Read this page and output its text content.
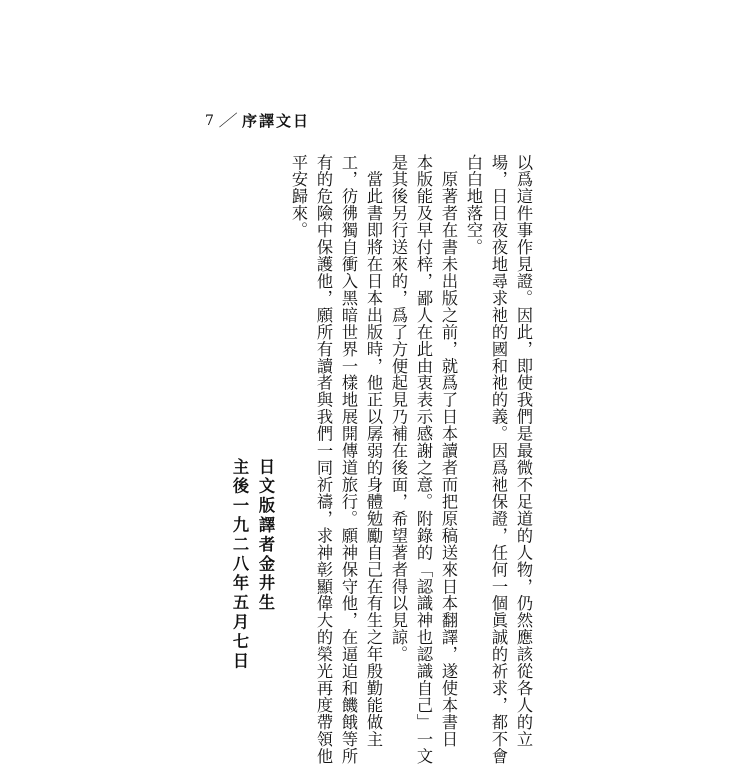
7 ／ 序譯文日
以爲這件事作見證。因此，即使我們是最微不足道的人物，仍然應該從各人的立
場，日日夜夜地尋求祂的國和祂的義。因爲祂保證，任何一個眞誠的祈求，都不會
白白地落空。
　原著者在書未出版之前，就爲了日本讀者而把原稿送來日本翻譯，遂使本書日
本版能及早付梓，鄙人在此由衷表示感謝之意。附錄的「認識神也認識自己」一文
是其後另行送來的，爲了方便起見乃補在後面，希望著者得以見諒。
　當此書即將在日本出版時，他正以孱弱的身體勉勵自己在有生之年殷勤能做主
工，彷彿獨自衝入黑暗世界一樣地展開傳道旅行。願神保守他，在逼迫和饑餓等所
有的危險中保護他，願所有讀者與我們一同祈禱，求神彰顯偉大的榮光再度帶領他
平安歸來。
日文版譯者金井生
主後一九二八年五月七日
